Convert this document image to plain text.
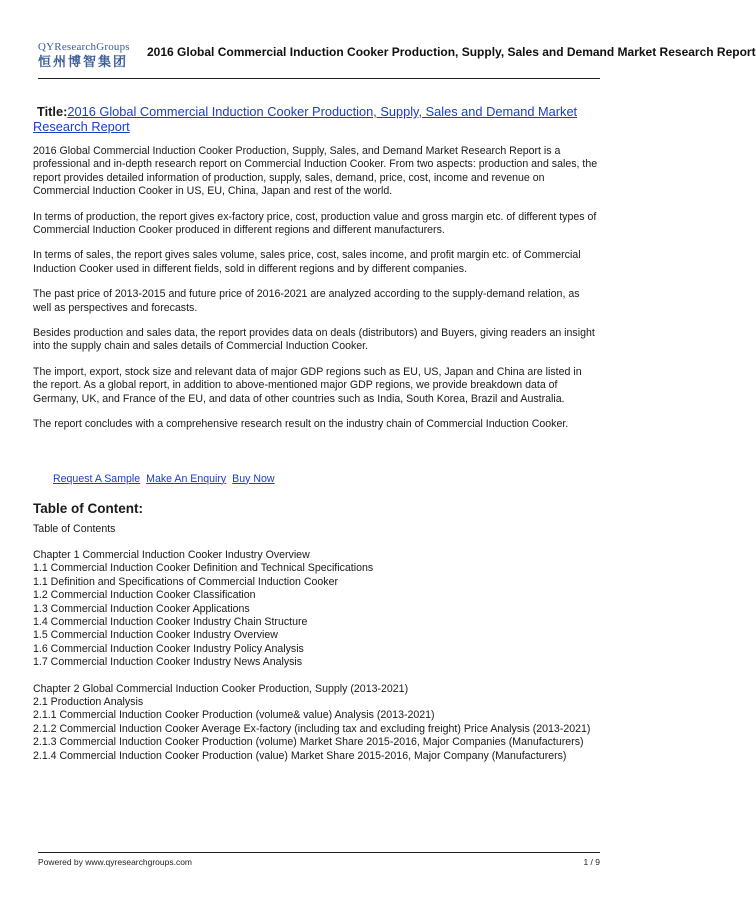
QYResearchGroups
恒州博智集团
2016 Global Commercial Induction Cooker Production, Supply, Sales and Demand Market Research Report
Title:2016 Global Commercial Induction Cooker Production, Supply, Sales and Demand Market Research Report

2016 Global Commercial Induction Cooker Production, Supply, Sales, and Demand Market Research Report is a professional and in-depth research report on Commercial Induction Cooker. From two aspects: production and sales, the report provides detailed information of production, supply, sales, demand, price, cost, income and revenue on Commercial Induction Cooker in US, EU, China, Japan and rest of the world.

In terms of production, the report gives ex-factory price, cost, production value and gross margin etc. of different types of Commercial Induction Cooker produced in different regions and different manufacturers.

In terms of sales, the report gives sales volume, sales price, cost, sales income, and profit margin etc. of Commercial Induction Cooker used in different fields, sold in different regions and by different companies.

The past price of 2013-2015 and future price of 2016-2021 are analyzed according to the supply-demand relation, as well as perspectives and forecasts.

Besides production and sales data, the report provides data on deals (distributors) and Buyers, giving readers an insight into the supply chain and sales details of Commercial Induction Cooker.

The import, export, stock size and relevant data of major GDP regions such as EU, US, Japan and China are listed in the report. As a global report, in addition to above-mentioned major GDP regions, we provide breakdown data of Germany, UK, and France of the EU, and data of other countries such as India, South Korea, Brazil and Australia.

The report concludes with a comprehensive research result on the industry chain of Commercial Induction Cooker.

Request A Sample Make An Enquiry Buy Now
Table of Content:
Table of Contents
Chapter 1 Commercial Induction Cooker Industry Overview
1.1 Commercial Induction Cooker Definition and Technical Specifications
1.1 Definition and Specifications of Commercial Induction Cooker
1.2 Commercial Induction Cooker Classification
1.3 Commercial Induction Cooker Applications
1.4 Commercial Induction Cooker Industry Chain Structure
1.5 Commercial Induction Cooker Industry Overview
1.6 Commercial Induction Cooker Industry Policy Analysis
1.7 Commercial Induction Cooker Industry News Analysis
Chapter 2 Global Commercial Induction Cooker Production, Supply (2013-2021)
2.1 Production Analysis
2.1.1 Commercial Induction Cooker Production (volume& value) Analysis (2013-2021)
2.1.2 Commercial Induction Cooker Average Ex-factory (including tax and excluding freight) Price Analysis (2013-2021)
2.1.3 Commercial Induction Cooker Production (volume) Market Share 2015-2016, Major Companies (Manufacturers)
2.1.4 Commercial Induction Cooker Production (value) Market Share 2015-2016, Major Company (Manufacturers)
Powered by www.qyresearchgroups.com	1 / 9
